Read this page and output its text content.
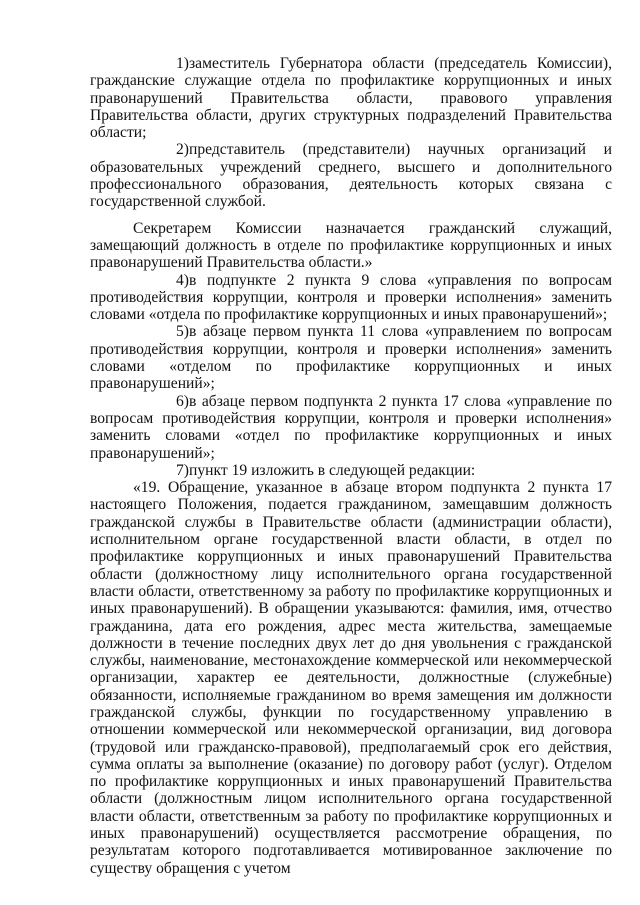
1)заместитель Губернатора области (председатель Комиссии), гражданские служащие отдела по профилактике коррупционных и иных правонарушений Правительства области, правового управления Правительства области, других структурных подразделений Правительства области;

2)представитель (представители) научных организаций и образовательных учреждений среднего, высшего и дополнительного профессионального образования, деятельность которых связана с государственной службой.

Секретарем Комиссии назначается гражданский служащий, замещающий должность в отделе по профилактике коррупционных и иных правонарушений Правительства области.»

4)в подпункте 2 пункта 9 слова «управления по вопросам противодействия коррупции, контроля и проверки исполнения» заменить словами «отдела по профилактике коррупционных и иных правонарушений»;

5)в абзаце первом пункта 11 слова «управлением по вопросам противодействия коррупции, контроля и проверки исполнения» заменить словами «отделом по профилактике коррупционных и иных правонарушений»;

6)в абзаце первом подпункта 2 пункта 17 слова «управление по вопросам противодействия коррупции, контроля и проверки исполнения» заменить словами «отдел по профилактике коррупционных и иных правонарушений»;

7)пункт 19 изложить в следующей редакции:

«19. Обращение, указанное в абзаце втором подпункта 2 пункта 17 настоящего Положения, подается гражданином, замещавшим должность гражданской службы в Правительстве области (администрации области), исполнительном органе государственной власти области, в отдел по профилактике коррупционных и иных правонарушений Правительства области (должностному лицу исполнительного органа государственной власти области, ответственному за работу по профилактике коррупционных и иных правонарушений). В обращении указываются: фамилия, имя, отчество гражданина, дата его рождения, адрес места жительства, замещаемые должности в течение последних двух лет до дня увольнения с гражданской службы, наименование, местонахождение коммерческой или некоммерческой организации, характер ее деятельности, должностные (служебные) обязанности, исполняемые гражданином во время замещения им должности гражданской службы, функции по государственному управлению в отношении коммерческой или некоммерческой организации, вид договора (трудовой или гражданско-правовой), предполагаемый срок его действия, сумма оплаты за выполнение (оказание) по договору работ (услуг). Отделом по профилактике коррупционных и иных правонарушений Правительства области (должностным лицом исполнительного органа государственной власти области, ответственным за работу по профилактике коррупционных и иных правонарушений) осуществляется рассмотрение обращения, по результатам которого подготавливается мотивированное заключение по существу обращения с учетом
